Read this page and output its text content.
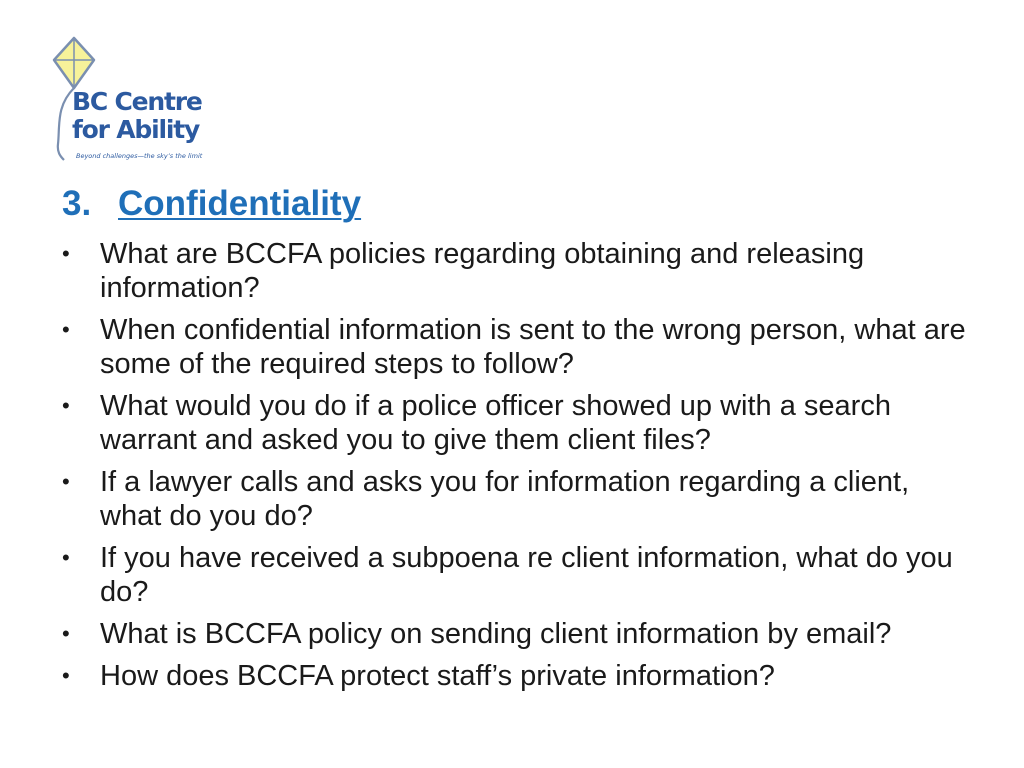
BC Centre
for Ability
Beyond challenges—the sky’s the limit
3. Confidentiality
•	What are BCCFA policies regarding obtaining and releasing information?
•	When confidential information is sent to the wrong person, what are some of the required steps to follow?
•	What would you do if a police officer showed up with a search warrant and asked you to give them client files?
•	If a lawyer calls and asks you for information regarding a client, what do you do?
•	If you have received a subpoena re client information, what do you do?
•	What is BCCFA policy on sending client information by email?
•	How does BCCFA protect staff’s private information?
